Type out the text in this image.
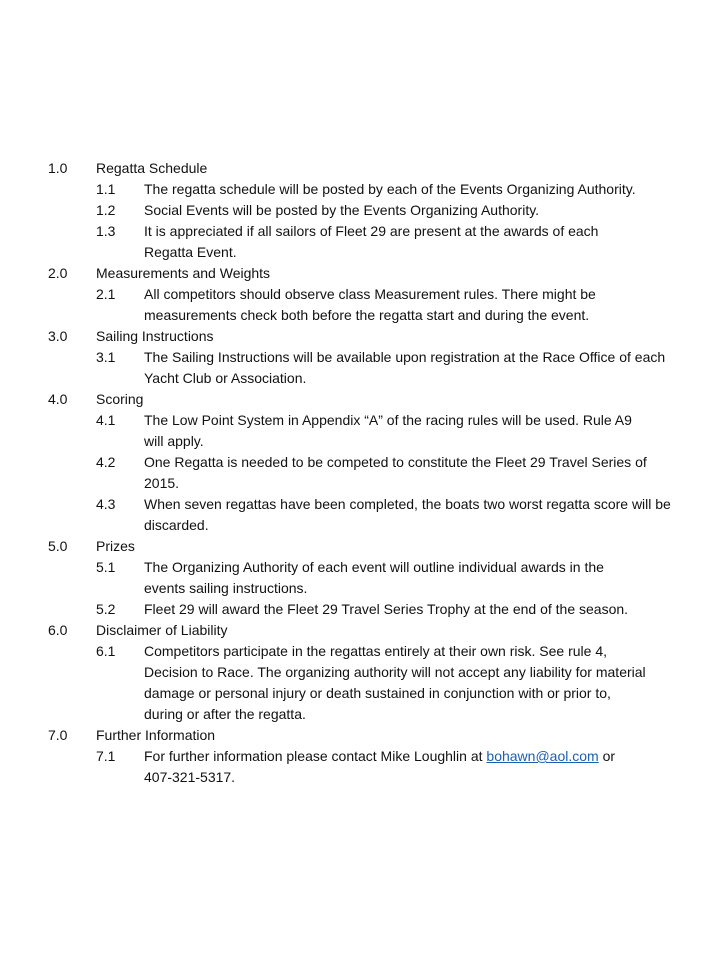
1.0 Regatta Schedule
1.1 The regatta schedule will be posted by each of the Events Organizing Authority.
1.2 Social Events will be posted by the Events Organizing Authority.
1.3 It is appreciated if all sailors of Fleet 29 are present at the awards of each Regatta Event.
2.0 Measurements and Weights
2.1 All competitors should observe class Measurement rules. There might be measurements check both before the regatta start and during the event.
3.0 Sailing Instructions
3.1 The Sailing Instructions will be available upon registration at the Race Office of each Yacht Club or Association.
4.0 Scoring
4.1 The Low Point System in Appendix “A” of the racing rules will be used. Rule A9 will apply.
4.2 One Regatta is needed to be competed to constitute the Fleet 29 Travel Series of 2015.
4.3 When seven regattas have been completed, the boats two worst regatta score will be discarded.
5.0 Prizes
5.1 The Organizing Authority of each event will outline individual awards in the events sailing instructions.
5.2 Fleet 29 will award the Fleet 29 Travel Series Trophy at the end of the season.
6.0 Disclaimer of Liability
6.1 Competitors participate in the regattas entirely at their own risk. See rule 4, Decision to Race. The organizing authority will not accept any liability for material damage or personal injury or death sustained in conjunction with or prior to, during or after the regatta.
7.0 Further Information
7.1 For further information please contact Mike Loughlin at bohawn@aol.com or 407-321-5317.
